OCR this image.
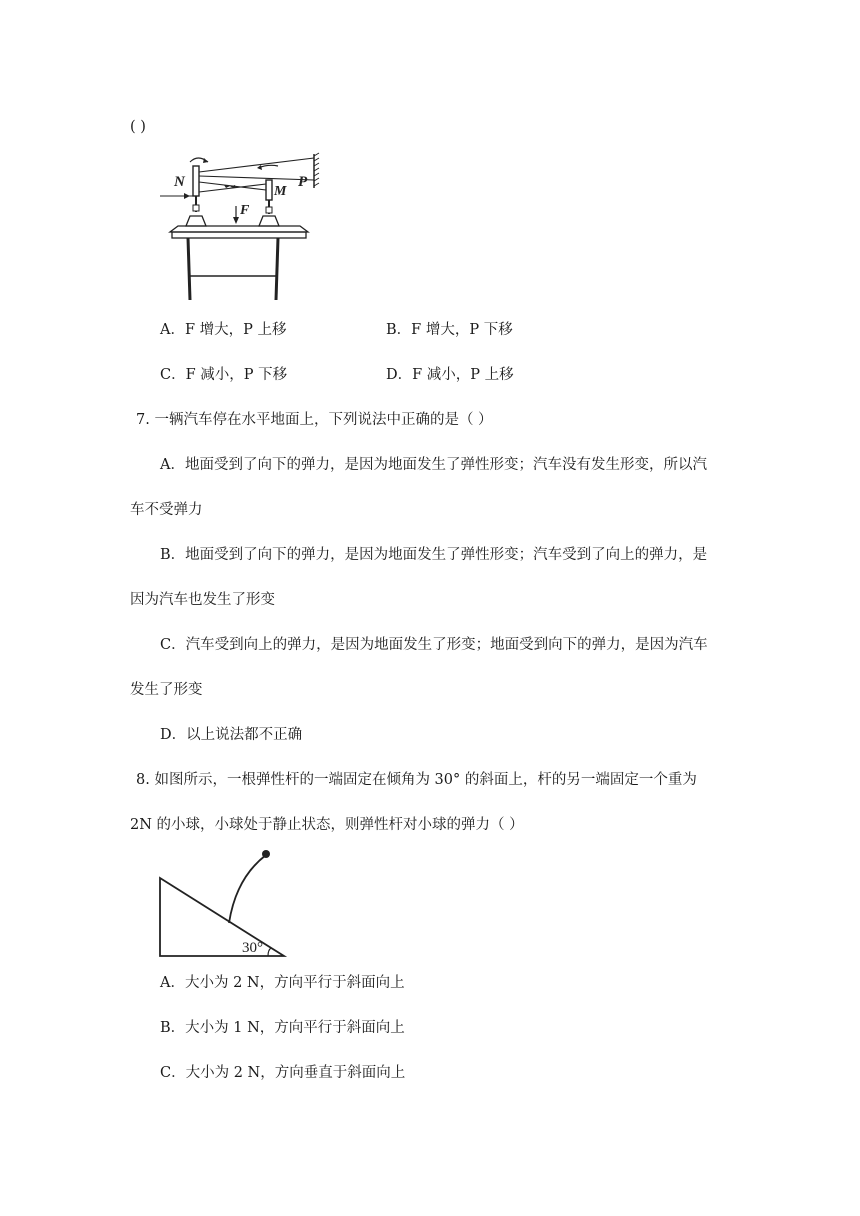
( )
N
M
P
F
A．F 增大，P 上移	B．F 增大，P 下移
C．F 减小，P 下移	D．F 减小，P 上移
7. 一辆汽车停在水平地面上，下列说法中正确的是（ ）
A．地面受到了向下的弹力，是因为地面发生了弹性形变；汽车没有发生形变，所以汽
车不受弹力
B．地面受到了向下的弹力，是因为地面发生了弹性形变；汽车受到了向上的弹力，是
因为汽车也发生了形变
C．汽车受到向上的弹力，是因为地面发生了形变；地面受到向下的弹力，是因为汽车
发生了形变
D．以上说法都不正确
8. 如图所示，一根弹性杆的一端固定在倾角为 30° 的斜面上，杆的另一端固定一个重为
2N 的小球，小球处于静止状态，则弹性杆对小球的弹力（ ）
30°
A．大小为 2 N，方向平行于斜面向上
B．大小为 1 N，方向平行于斜面向上
C．大小为 2 N，方向垂直于斜面向上
